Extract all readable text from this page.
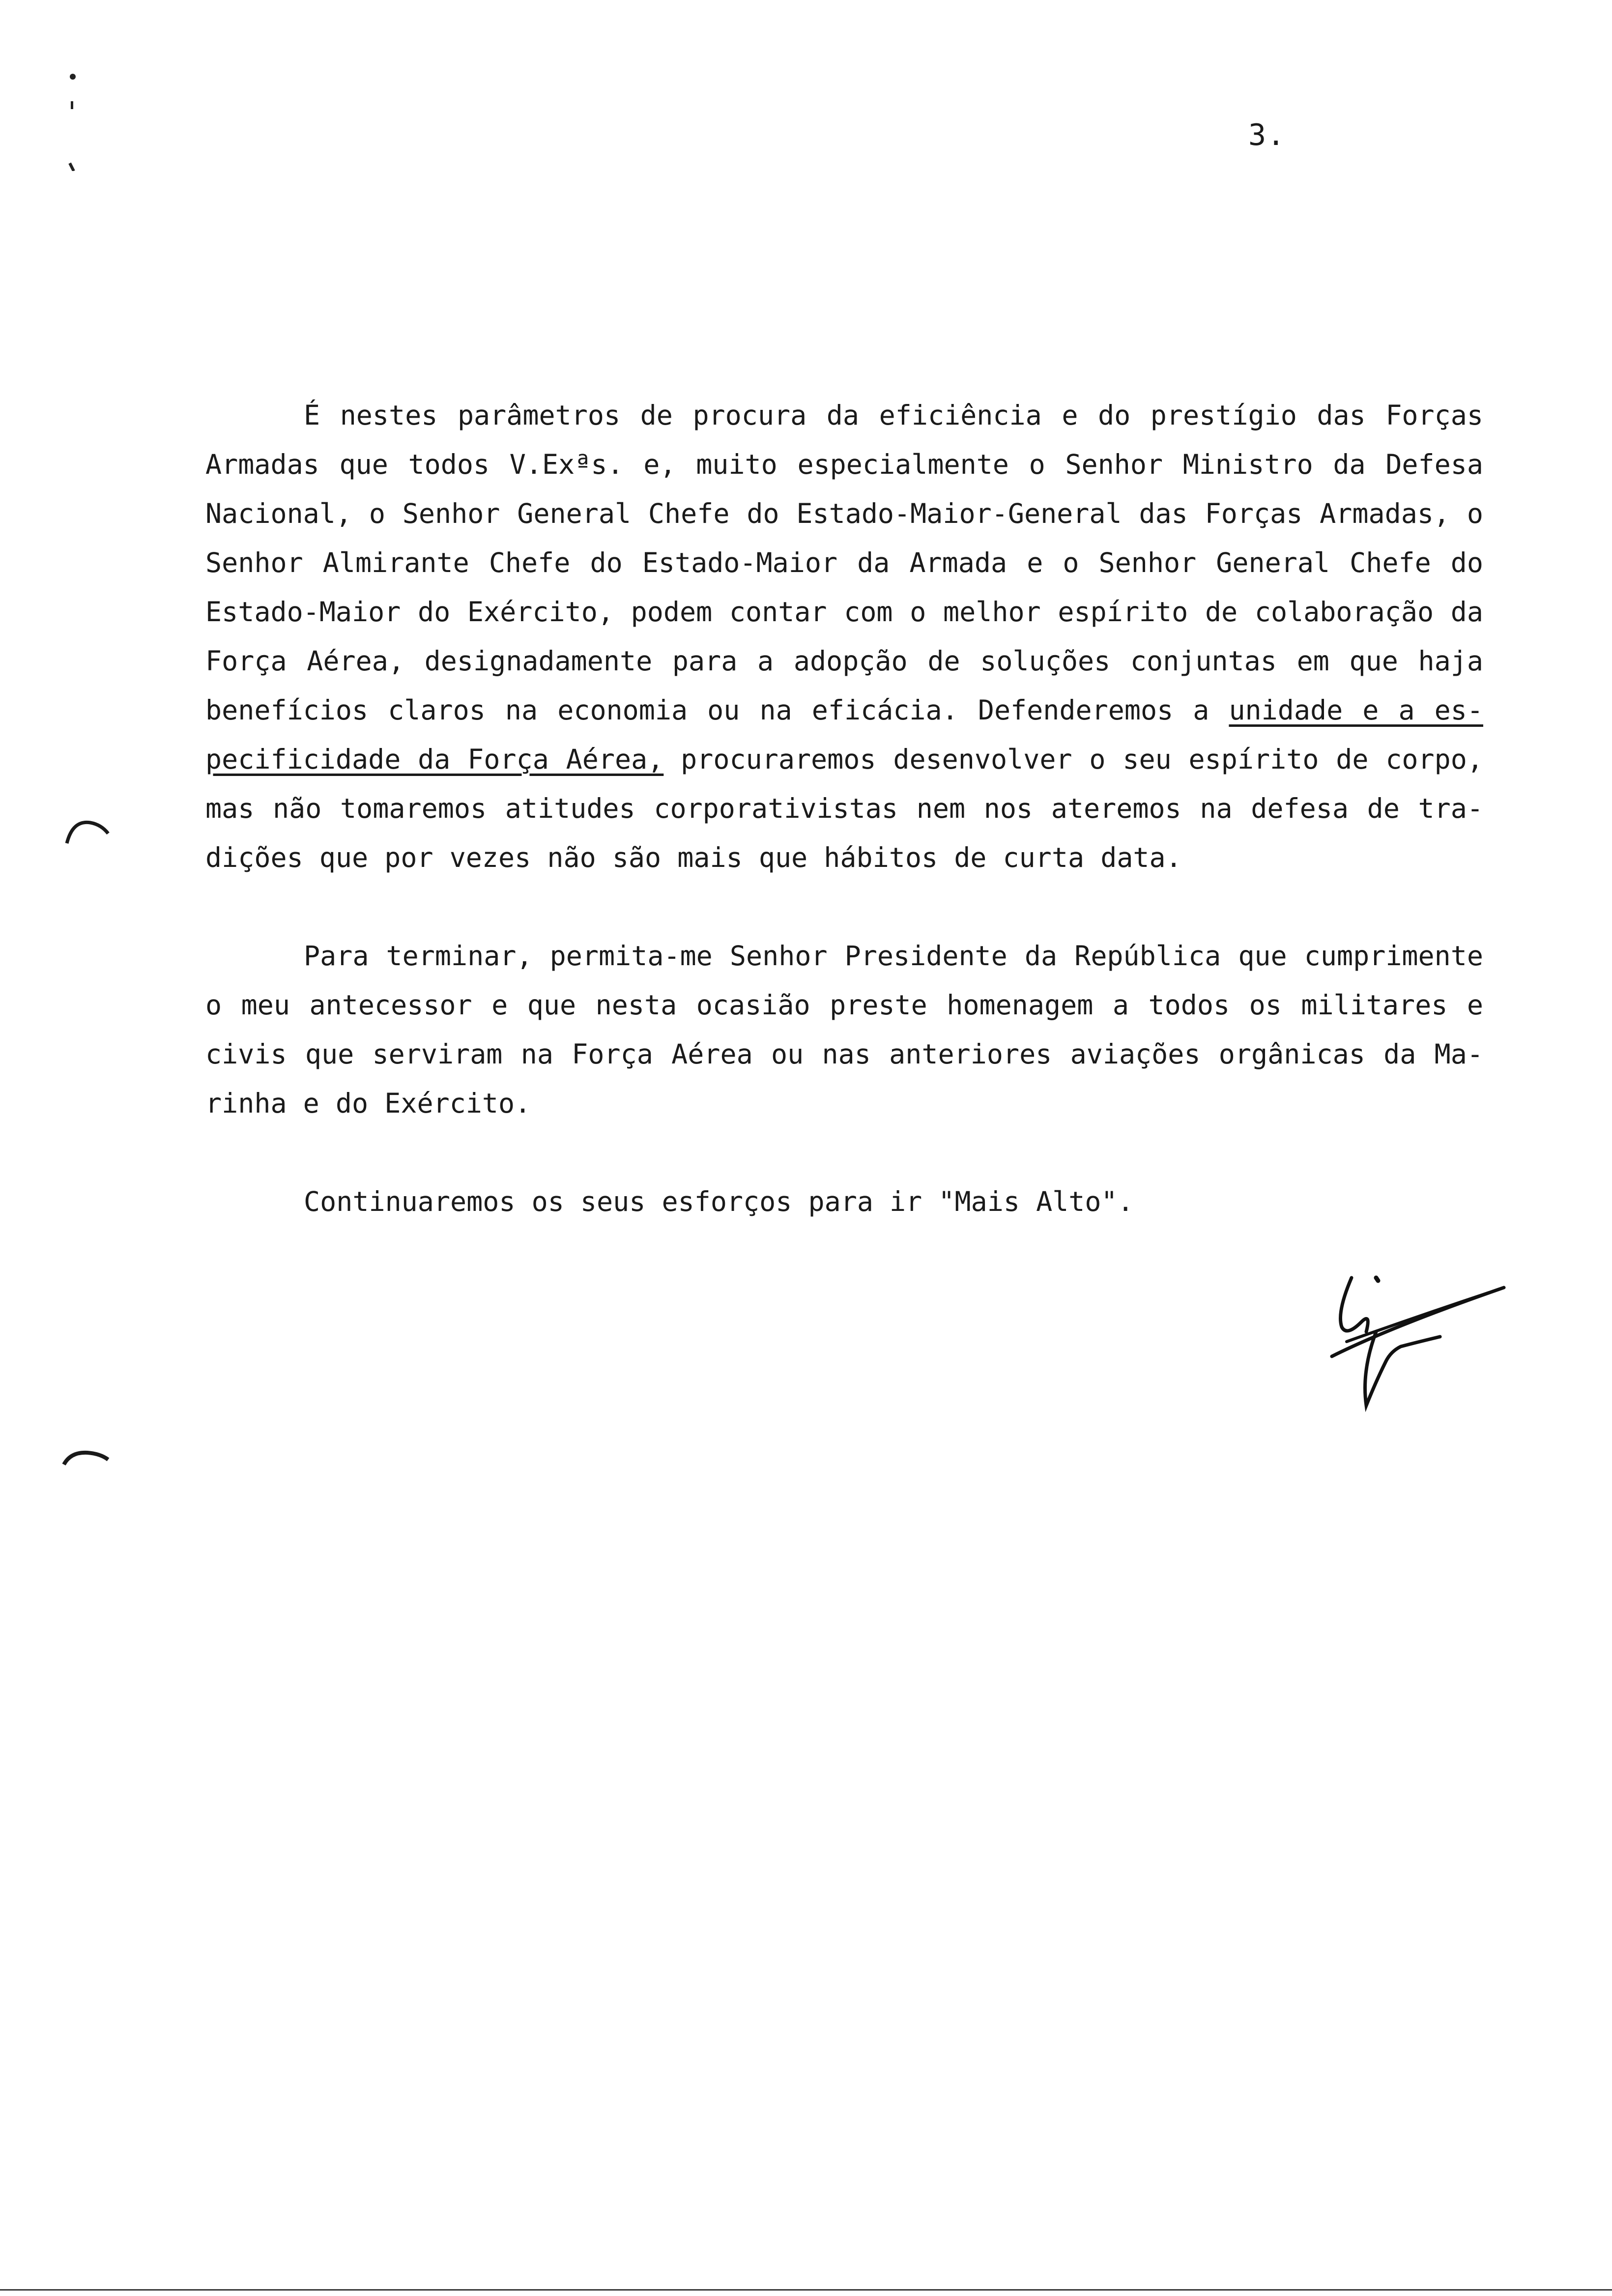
3.
É nestes parâmetros de procura da eficiência e do prestígio das Forças
Armadas que todos V.Exªs. e, muito especialmente o Senhor Ministro da Defesa
Nacional, o Senhor General Chefe do Estado-Maior-General das Forças Armadas, o
Senhor Almirante Chefe do Estado-Maior da Armada e o Senhor General Chefe do
Estado-Maior do Exército, podem contar com o melhor espírito de colaboração da
Força Aérea, designadamente para a adopção de soluções conjuntas em que haja
benefícios claros na economia ou na eficácia. Defenderemos a unidade e a es-
pecificidade da Força Aérea, procuraremos desenvolver o seu espírito de corpo,
mas não tomaremos atitudes corporativistas nem nos ateremos na defesa de tra-
dições que por vezes não são mais que hábitos de curta data.
Para terminar, permita-me Senhor Presidente da República que cumprimente
o meu antecessor e que nesta ocasião preste homenagem a todos os militares e
civis que serviram na Força Aérea ou nas anteriores aviações orgânicas da Ma-
rinha e do Exército.
Continuaremos os seus esforços para ir "Mais Alto".
